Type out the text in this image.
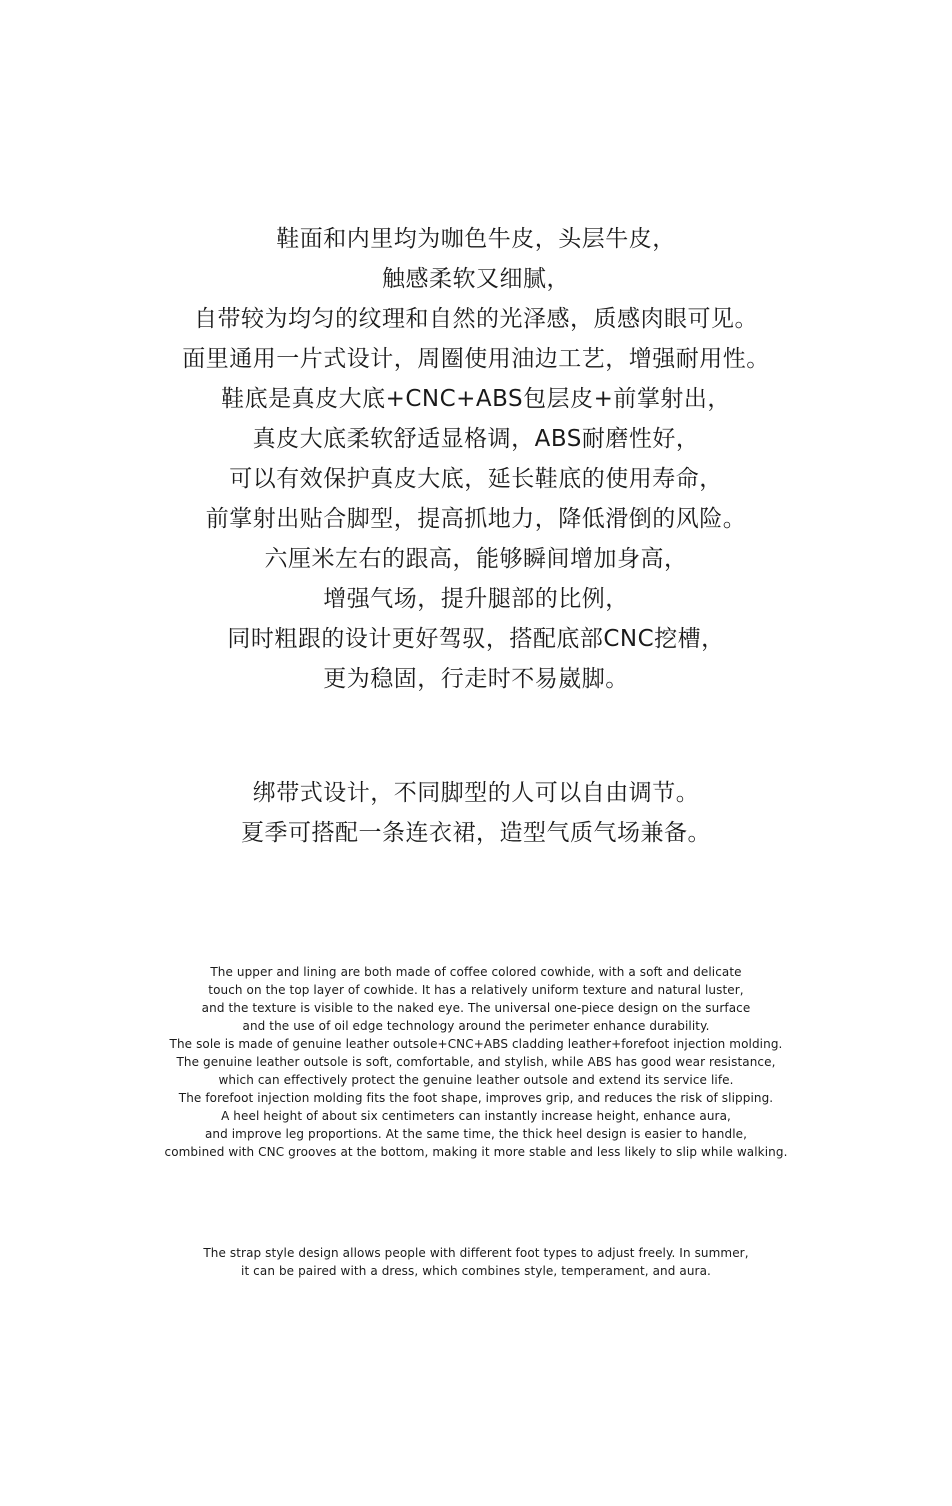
鞋面和内里均为咖色牛皮，头层牛皮，
触感柔软又细腻，
自带较为均匀的纹理和自然的光泽感，质感肉眼可见。
面里通用一片式设计，周圈使用油边工艺，增强耐用性。
鞋底是真皮大底+CNC+ABS包层皮+前掌射出，
真皮大底柔软舒适显格调，ABS耐磨性好，
可以有效保护真皮大底，延长鞋底的使用寿命，
前掌射出贴合脚型，提高抓地力，降低滑倒的风险。
六厘米左右的跟高，能够瞬间增加身高，
增强气场，提升腿部的比例，
同时粗跟的设计更好驾驭，搭配底部CNC挖槽，
更为稳固，行走时不易崴脚。
绑带式设计，不同脚型的人可以自由调节。
夏季可搭配一条连衣裙，造型气质气场兼备。
The upper and lining are both made of coffee colored cowhide, with a soft and delicate
touch on the top layer of cowhide. It has a relatively uniform texture and natural luster,
and the texture is visible to the naked eye. The universal one-piece design on the surface
and the use of oil edge technology around the perimeter enhance durability.
The sole is made of genuine leather outsole+CNC+ABS cladding leather+forefoot injection molding.
The genuine leather outsole is soft, comfortable, and stylish, while ABS has good wear resistance,
which can effectively protect the genuine leather outsole and extend its service life.
The forefoot injection molding fits the foot shape, improves grip, and reduces the risk of slipping.
A heel height of about six centimeters can instantly increase height, enhance aura,
and improve leg proportions. At the same time, the thick heel design is easier to handle,
combined with CNC grooves at the bottom, making it more stable and less likely to slip while walking.
The strap style design allows people with different foot types to adjust freely. In summer,
it can be paired with a dress, which combines style, temperament, and aura.
